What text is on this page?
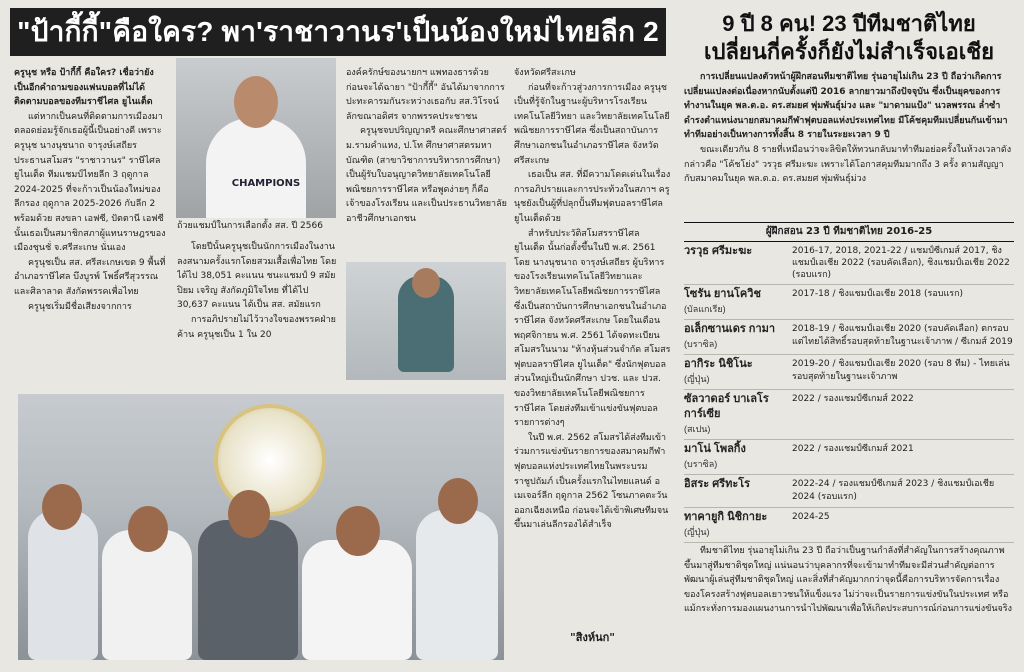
"ป้ากี้กี้"คือใคร? พา'ราชาวานร'เป็นน้องใหม่ไทยลีก 2

ครูนุช หรือ ป้ากี้กี้ คือใคร? เชื่อว่ายังเป็นอีกคำถามของแฟนบอลที่ไม่ได้ติดตามบอลของทีมราชีไศล ยูไนเต็ด

แต่หากเป็นคนที่ติดตามการเมืองมาตลอดย่อมรู้จักเธอผู้นี้เป็นอย่างดี เพราะ ครูนุช นางนุชนาถ จารุงษ์เสถียร ประธานสโมสร "ราชาวานร" ราษีไศล ยูไนเต็ด ทีมแชมป์ไทยลีก 3 ฤดูกาล 2024-2025 ที่จะก้าวเป็นน้องใหม่ของลีกรอง ฤดูกาล 2025-2026 กับลีก 2 พร้อมด้วย สงขลา เอฟซี, ปัตตานี เอฟซี นั้นเธอเป็นสมาชิกสภาผู้แทนราษฎรของเมืองชุนชั่ จ.ศรีสะเกษ นั่นเอง

ครูนุชเป็น สส. ศรีสะเกษเขต 9 พื้นที่อำเภอราษีไศล บึงบูรพ์ โพธิ์ศรีสุวรรณ และศิลาลาด สังกัดพรรคเพื่อไทย

ครูนุชเริ่มมีชื่อเสียงจากการ

CHAMPIONS
ถ้วยแชมป์ในการเลือกตั้ง สส. ปี 2566

โดยปีนั้นครูนุชเป็นนักการเมืองในงาน ลงสนามครั้งแรกโดยสวมเสื้อเพื่อไทย โดยได้ไป 38,051 คะแนน ชนะแชมป์ 9 สมัย ปิยม เจริญ สังกัดภูมิใจไทย ที่ได้ไป 30,637 คะแนน ได้เป็น สส. สมัยแรก

การอภิปรายไม่ไว้วางใจของพรรคฝ่ายค้าน ครูนุชเป็น 1 ใน 20

องค์ครักษ์ของนายกฯ แพทองธารด้วย ก่อนจะได้ฉายา "ป้ากี้กี้" อันได้มาจากการปะทะคารมกันระหว่างเธอกับ สส.วิโรจน์ ลักขณาอดิศร จากพรรคประชาชน

ครูนุชจบปริญญาตรี คณะศึกษาศาสตร์ ม.รามคำแหง, ป.โท ศึกษาศาสตรมหาบัณฑิต (สาขาวิชาการบริหารการศึกษา) เป็นผู้รับใบอนุญาตวิทยาลัยเทคโนโลยีพณิชยการราษีไศล หรือพูดง่ายๆ ก็คือเจ้าของโรงเรียน และเป็นประธานวิทยาลัยอาชีวศึกษาเอกชน

จังหวัดศรีสะเกษ

ก่อนที่จะก้าวสู่วงการการเมือง ครูนุชเป็นที่รู้จักในฐานะผู้บริหารโรงเรียนเทคโนโลยีวิทยา และวิทยาลัยเทคโนโลยีพณิชยการราษีไศล ซึ่งเป็นสถาบันการศึกษาเอกชนในอำเภอราษีไศล จังหวัดศรีสะเกษ

เธอเป็น สส. ที่มีความโดดเด่นในเรื่องการอภิปรายและการประท้วงในสภาฯ ครูนุชยังเป็นผู้ที่ปลุกปั้นทีมฟุตบอลราษีไศล ยูไนเต็ดด้วย

สำหรับประวัติสโมสรราษีไศล ยูไนเต็ด นั้นก่อตั้งขึ้นในปี พ.ศ. 2561 โดย นางนุชนาถ จารุงษ์เสถียร ผู้บริหารของโรงเรียนเทคโนโลยีวิทยาและวิทยาลัยเทคโนโลยีพณิชยการราษีไศล ซึ่งเป็นสถาบันการศึกษาเอกชนในอำเภอราษีไศล จังหวัดศรีสะเกษ โดยในเดือนพฤศจิกายน พ.ศ. 2561 ได้จดทะเบียนสโมสรในนาม "ห้างหุ้นส่วนจำกัด สโมสรฟุตบอลราษีไศล ยูไนเต็ด" ซึ่งนักฟุตบอลส่วนใหญ่เป็นนักศึกษา ปวช. และ ปวส. ของวิทยาลัยเทคโนโลยีพณิชยการราษีไศล โดยส่งทีมเข้าแข่งขันฟุตบอลรายการต่างๆ

ในปี พ.ศ. 2562 สโมสรได้ส่งทีมเข้าร่วมการแข่งขันรายการของสมาคมกีฬาฟุตบอลแห่งประเทศไทยในพระบรมราชูปถัมภ์ เป็นครั้งแรกในไทยแลนด์ อเมเจอร์ลีก ฤดูกาล 2562 โซนภาคตะวันออกเฉียงเหนือ ก่อนจะได้เข้าพิเศษทีมจนขึ้นมาเล่นลีกรองได้สำเร็จ

"สิงห์นก"
9 ปี 8 คน! 23 ปีทีมชาติไทย
เปลี่ยนกี่ครั้งก็ยังไม่สำเร็จเอเชีย

การเปลี่ยนแปลงตัวหน้าผู้ฝึกสอนทีมชาติไทย รุ่นอายุไม่เกิน 23 ปี ถือว่าเกิดการเปลี่ยนแปลงต่อเนื่องหากนับตั้งแต่ปี 2016 ลากยาวมาถึงปัจจุบัน ซึ่งเป็นยุคของการทำงานในยุค พล.ต.อ. ดร.สมยศ พุ่มพันธุ์ม่วง และ "มาดามแป้ง" นวลพรรณ ล่ำซำ ดำรงตำแหน่งนายกสมาคมกีฬาฟุตบอลแห่งประเทศไทย มีโค้ชคุมทีมเปลี่ยนกันเข้ามาทำทีมอย่างเป็นทางการทั้งสิ้น 8 รายในระยะเวลา 9 ปี

ขณะเดียวกัน 8 รายที่เหมือนว่าจะลิขิตให้ทวนกลับมาทำทีมอย่อครั้งในห้วงเวลาดังกล่าวคือ "โค้ชโย่ง" วรวุธ ศรีมะฆะ เพราะได้โอกาสคุมทีมมากถึง 3 ครั้ง ตามสัญญากับสมาคมในยุค พล.ต.อ. ดร.สมยศ พุ่มพันธุ์ม่วง

ผู้ฝึกสอน 23 ปี ทีมชาติไทย 2016-25
วรวุธ ศรีมะฆะ	2016-17, 2018, 2021-22 / แชมป์ซีเกมส์ 2017, ชิงแชมป์เอเชีย 2022 (รอบคัดเลือก), ชิงแชมป์เอเชีย 2022 (รอบแรก)
โซรัน ยานโควิช
(บัลแกเรีย)
2017-18 / ชิงแชมป์เอเชีย 2018 (รอบแรก)
อเล็กซานเดร กามา
(บราซิล)
2018-19 / ชิงแชมป์เอเชีย 2020 (รอบคัดเลือก) ตกรอบแต่ไทยได้สิทธิ์รอบสุดท้ายในฐานะเจ้าภาพ / ซีเกมส์ 2019
อากิระ นิชิโนะ
(ญี่ปุ่น)
2019-20 / ชิงแชมป์เอเชีย 2020 (รอบ 8 ทีม) - ไทยเล่นรอบสุดท้ายในฐานะเจ้าภาพ
ซัลวาดอร์ บาเลโร การ์เซีย
(สเปน)
2022 / รองแชมป์ซีเกมส์ 2022
มาโน่ โพลกิ้ง
(บราซิล)
2022 / รองแชมป์ซีเกมส์ 2021
อิสระ ศรีทะโร	2022-24 / รองแชมป์ซีเกมส์ 2023 / ชิงแชมป์เอเชีย 2024 (รอบแรก)
ทาคายูกิ นิชิกายะ
(ญี่ปุ่น)
2024-25

ทีมชาติไทย รุ่นอายุไม่เกิน 23 ปี ถือว่าเป็นฐานกำลังที่สำคัญในการสร้างคุณภาพขึ้นมาสู่ทีมชาติชุดใหญ่ แน่นอนว่าบุคลากรที่จะเข้ามาทำทีมจะมีส่วนสำคัญต่อการพัฒนาผู้เล่นสู่ทีมชาติชุดใหญ่ และสิ่งที่สำคัญมากกว่าจุดนี้คือการบริหารจัดการเรื่องของโครงสร้างฟุตบอลเยาวชนให้แข็งแรง ไม่ว่าจะเป็นรายการแข่งขันในประเทศ หรือแม้กระทั่งการมองแผนงานการนำไปพัฒนาเพื่อให้เกิดประสบการณ์ก่อนการแข่งขันจริง
